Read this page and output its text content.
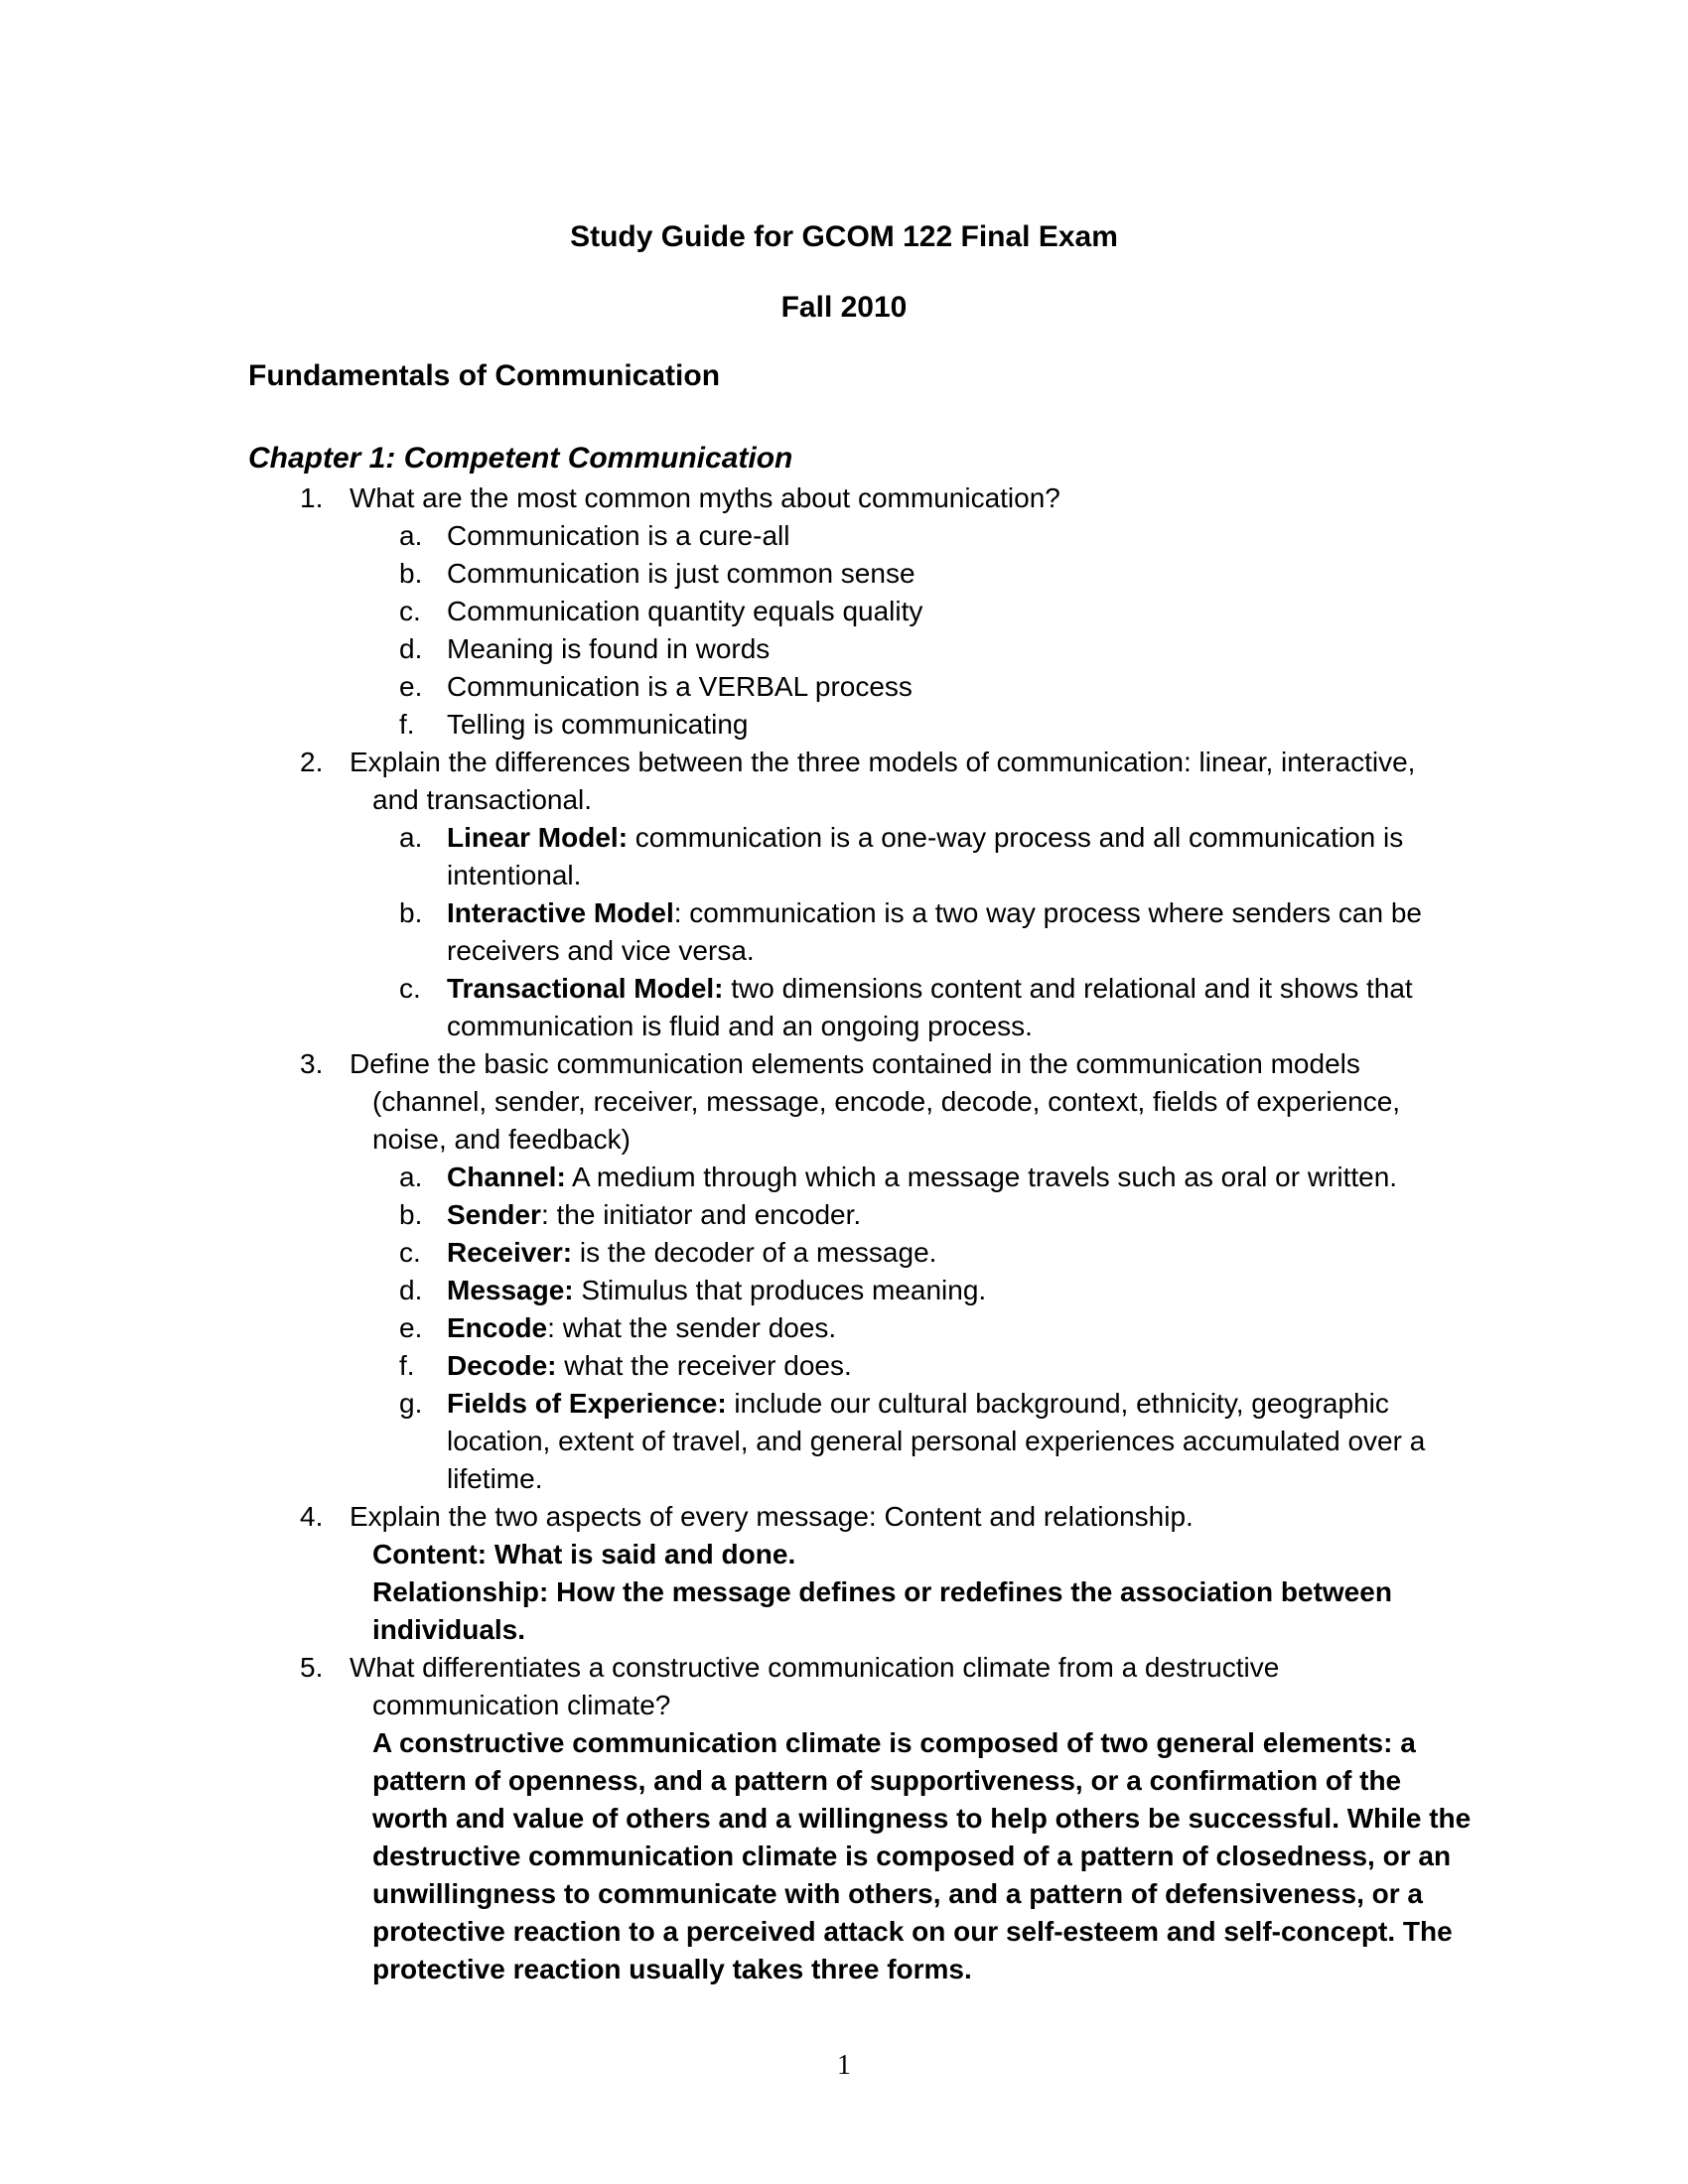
Study Guide for GCOM 122 Final Exam
Fall 2010
Fundamentals of Communication
Chapter 1: Competent Communication
1. What are the most common myths about communication?
a. Communication is a cure-all
b. Communication is just common sense
c. Communication quantity equals quality
d. Meaning is found in words
e. Communication is a VERBAL process
f. Telling is communicating
2. Explain the differences between the three models of communication: linear, interactive,
and transactional.
a. Linear Model: communication is a one-way process and all communication is
intentional.
b. Interactive Model: communication is a two way process where senders can be
receivers and vice versa.
c. Transactional Model: two dimensions content and relational and it shows that
communication is fluid and an ongoing process.
3. Define the basic communication elements contained in the communication models
(channel, sender, receiver, message, encode, decode, context, fields of experience,
noise, and feedback)
a. Channel: A medium through which a message travels such as oral or written.
b. Sender: the initiator and encoder.
c. Receiver: is the decoder of a message.
d. Message: Stimulus that produces meaning.
e. Encode: what the sender does.
f. Decode: what the receiver does.
g. Fields of Experience: include our cultural background, ethnicity, geographic
location, extent of travel, and general personal experiences accumulated over a
lifetime.
4. Explain the two aspects of every message: Content and relationship.
Content: What is said and done.
Relationship: How the message defines or redefines the association between
individuals.
5. What differentiates a constructive communication climate from a destructive
communication climate?
A constructive communication climate is composed of two general elements: a
pattern of openness, and a pattern of supportiveness, or a confirmation of the
worth and value of others and a willingness to help others be successful. While the
destructive communication climate is composed of a pattern of closedness, or an
unwillingness to communicate with others, and a pattern of defensiveness, or a
protective reaction to a perceived attack on our self-esteem and self-concept. The
protective reaction usually takes three forms.
1
